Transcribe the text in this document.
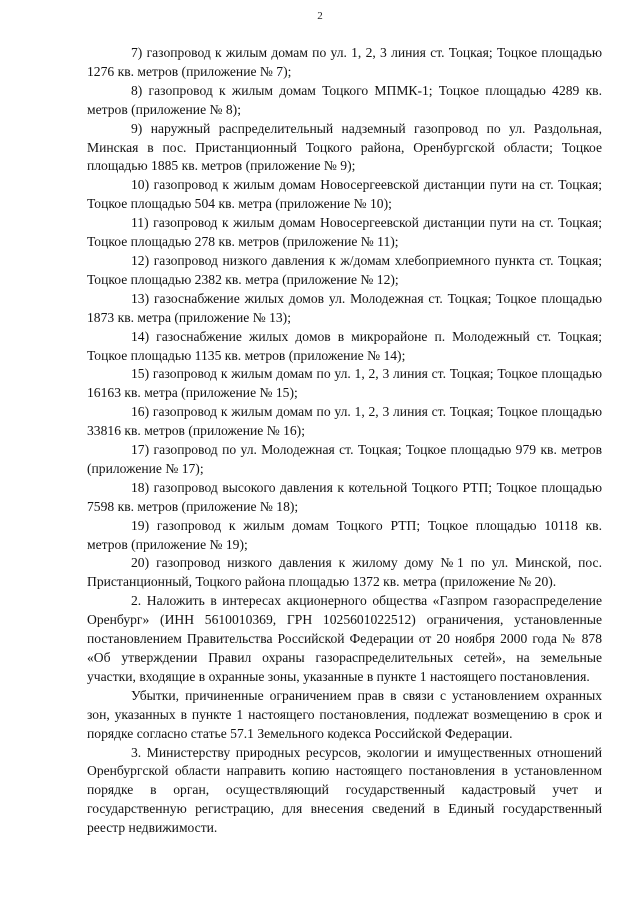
2

7) газопровод к жилым домам по ул. 1, 2, 3 линия ст. Тоцкая; Тоцкое площадью 1276 кв. метров (приложение № 7);

8) газопровод к жилым домам Тоцкого МПМК-1; Тоцкое площадью 4289 кв. метров (приложение № 8);

9) наружный распределительный надземный газопровод по ул. Раздольная, Минская в пос. Пристанционный Тоцкого района, Оренбургской области; Тоцкое площадью 1885 кв. метров (приложение № 9);

10) газопровод к жилым домам Новосергеевской дистанции пути на ст. Тоцкая; Тоцкое площадью 504 кв. метра (приложение № 10);

11) газопровод к жилым домам Новосергеевской дистанции пути на ст. Тоцкая; Тоцкое площадью 278 кв. метров (приложение № 11);

12) газопровод низкого давления к ж/домам хлебоприемного пункта ст. Тоцкая; Тоцкое площадью 2382 кв. метра (приложение № 12);

13) газоснабжение жилых домов ул. Молодежная ст. Тоцкая; Тоцкое площадью 1873 кв. метра (приложение № 13);

14) газоснабжение жилых домов в микрорайоне п. Молодежный ст. Тоцкая; Тоцкое площадью 1135 кв. метров (приложение № 14);

15) газопровод к жилым домам по ул. 1, 2, 3 линия ст. Тоцкая; Тоцкое площадью 16163 кв. метра (приложение № 15);

16) газопровод к жилым домам по ул. 1, 2, 3 линия ст. Тоцкая; Тоцкое площадью 33816 кв. метров (приложение № 16);

17) газопровод по ул. Молодежная ст. Тоцкая; Тоцкое площадью 979 кв. метров (приложение № 17);

18) газопровод высокого давления к котельной Тоцкого РТП; Тоцкое площадью 7598 кв. метров (приложение № 18);

19) газопровод к жилым домам Тоцкого РТП; Тоцкое площадью 10118 кв. метров (приложение № 19);

20) газопровод низкого давления к жилому дому №1 по ул. Минской, пос. Пристанционный, Тоцкого района площадью 1372 кв. метра (приложение № 20).

2. Наложить в интересах акционерного общества «Газпром газораспределение Оренбург» (ИНН 5610010369, ГРН 1025601022512) ограничения, установленные постановлением Правительства Российской Федерации от 20 ноября 2000 года № 878 «Об утверждении Правил охраны газораспределительных сетей», на земельные участки, входящие в охранные зоны, указанные в пункте 1 настоящего постановления.

Убытки, причиненные ограничением прав в связи с установлением охранных зон, указанных в пункте 1 настоящего постановления, подлежат возмещению в срок и порядке согласно статье 57.1 Земельного кодекса Российской Федерации.

3. Министерству природных ресурсов, экологии и имущественных отношений Оренбургской области направить копию настоящего постановления в установленном порядке в орган, осуществляющий государственный кадастровый учет и государственную регистрацию, для внесения сведений в Единый государственный реестр недвижимости.
